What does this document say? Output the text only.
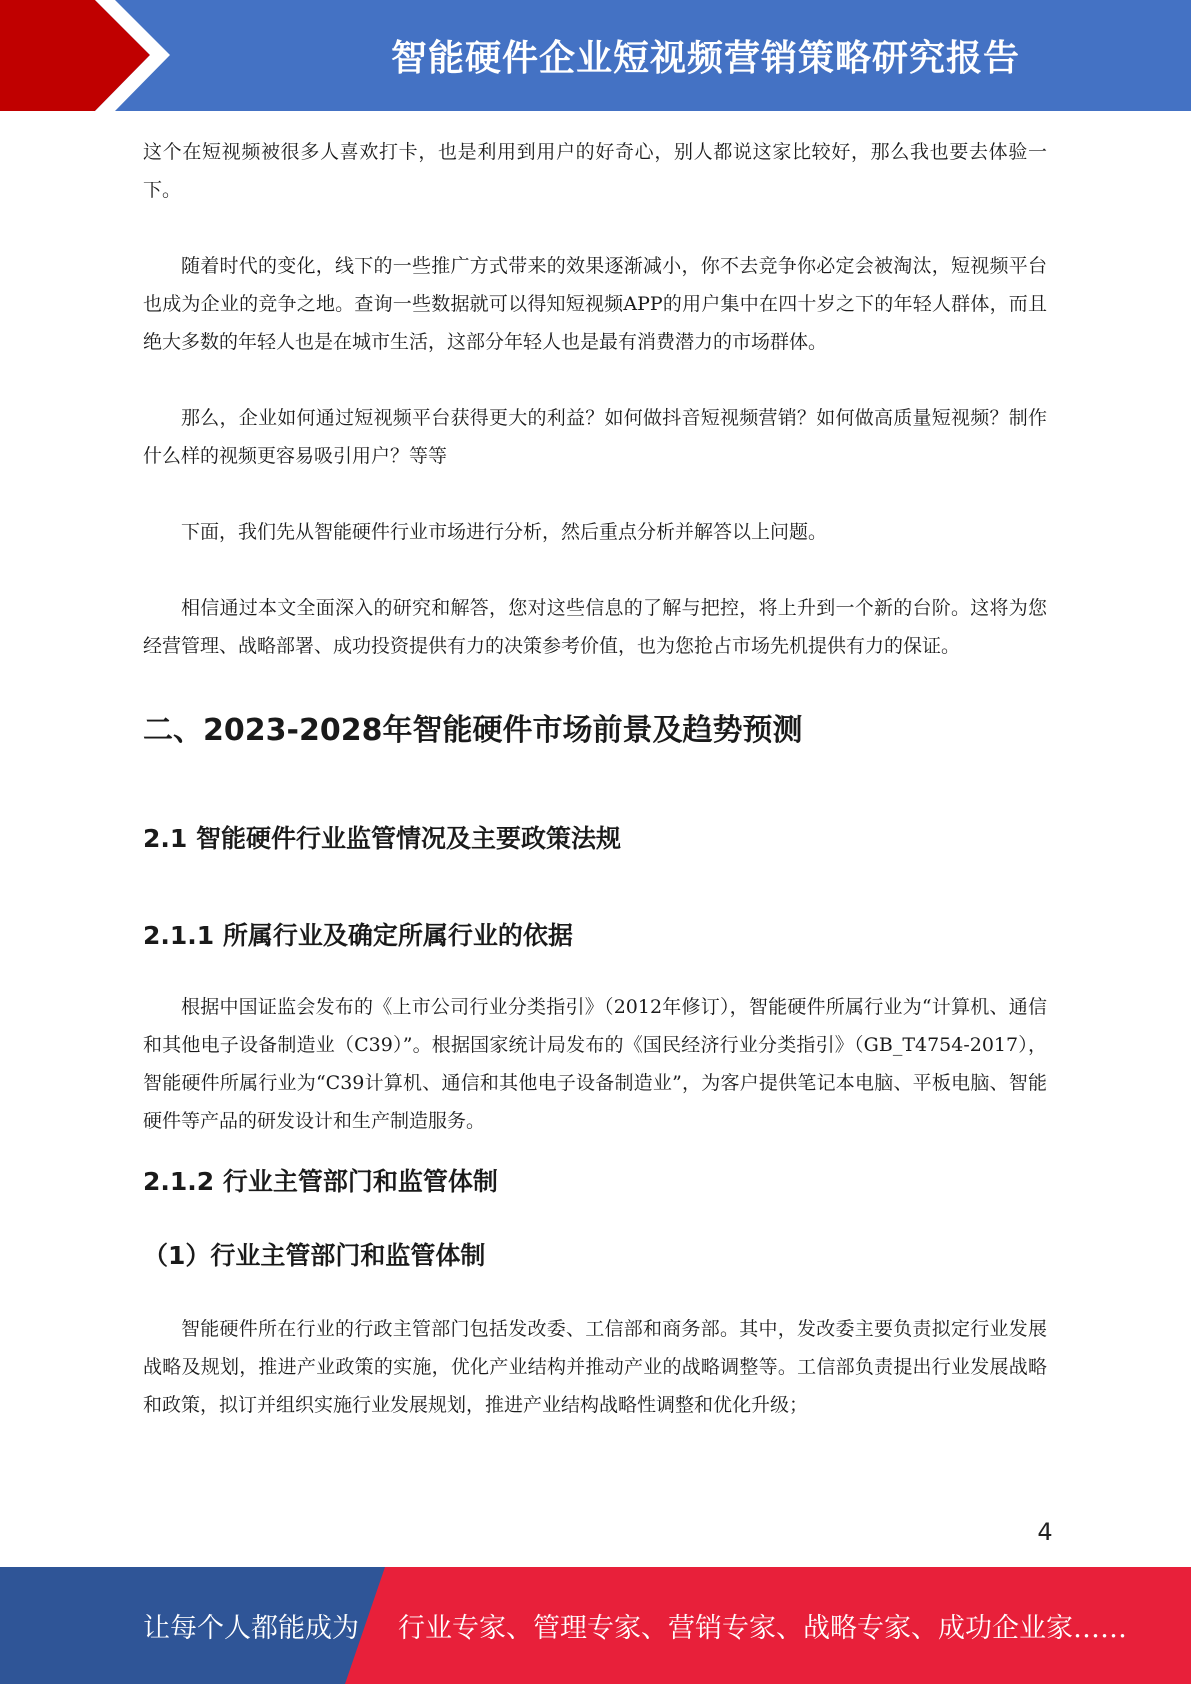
智能硬件企业短视频营销策略研究报告

这个在短视频被很多人喜欢打卡，也是利用到用户的好奇心，别人都说这家比较好，那么我也要去体验一下。

随着时代的变化，线下的一些推广方式带来的效果逐渐减小，你不去竞争你必定会被淘汰，短视频平台也成为企业的竞争之地。查询一些数据就可以得知短视频APP的用户集中在四十岁之下的年轻人群体，而且绝大多数的年轻人也是在城市生活，这部分年轻人也是最有消费潜力的市场群体。

那么，企业如何通过短视频平台获得更大的利益？如何做抖音短视频营销？如何做高质量短视频？制作什么样的视频更容易吸引用户？等等

下面，我们先从智能硬件行业市场进行分析，然后重点分析并解答以上问题。

相信通过本文全面深入的研究和解答，您对这些信息的了解与把控，将上升到一个新的台阶。这将为您经营管理、战略部署、成功投资提供有力的决策参考价值，也为您抢占市场先机提供有力的保证。

二、2023-2028年智能硬件市场前景及趋势预测
2.1 智能硬件行业监管情况及主要政策法规
2.1.1 所属行业及确定所属行业的依据

根据中国证监会发布的《上市公司行业分类指引》（2012年修订），智能硬件所属行业为“计算机、通信和其他电子设备制造业（C39）”。根据国家统计局发布的《国民经济行业分类指引》（GB_T4754-2017），智能硬件所属行业为“C39计算机、通信和其他电子设备制造业”，为客户提供笔记本电脑、平板电脑、智能硬件等产品的研发设计和生产制造服务。

2.1.2 行业主管部门和监管体制
（1）行业主管部门和监管体制

智能硬件所在行业的行政主管部门包括发改委、工信部和商务部。其中，发改委主要负责拟定行业发展战略及规划，推进产业政策的实施，优化产业结构并推动产业的战略调整等。工信部负责提出行业发展战略和政策，拟订并组织实施行业发展规划，推进产业结构战略性调整和优化升级；

4
让每个人都能成为 行业专家、管理专家、营销专家、战略专家、成功企业家……
